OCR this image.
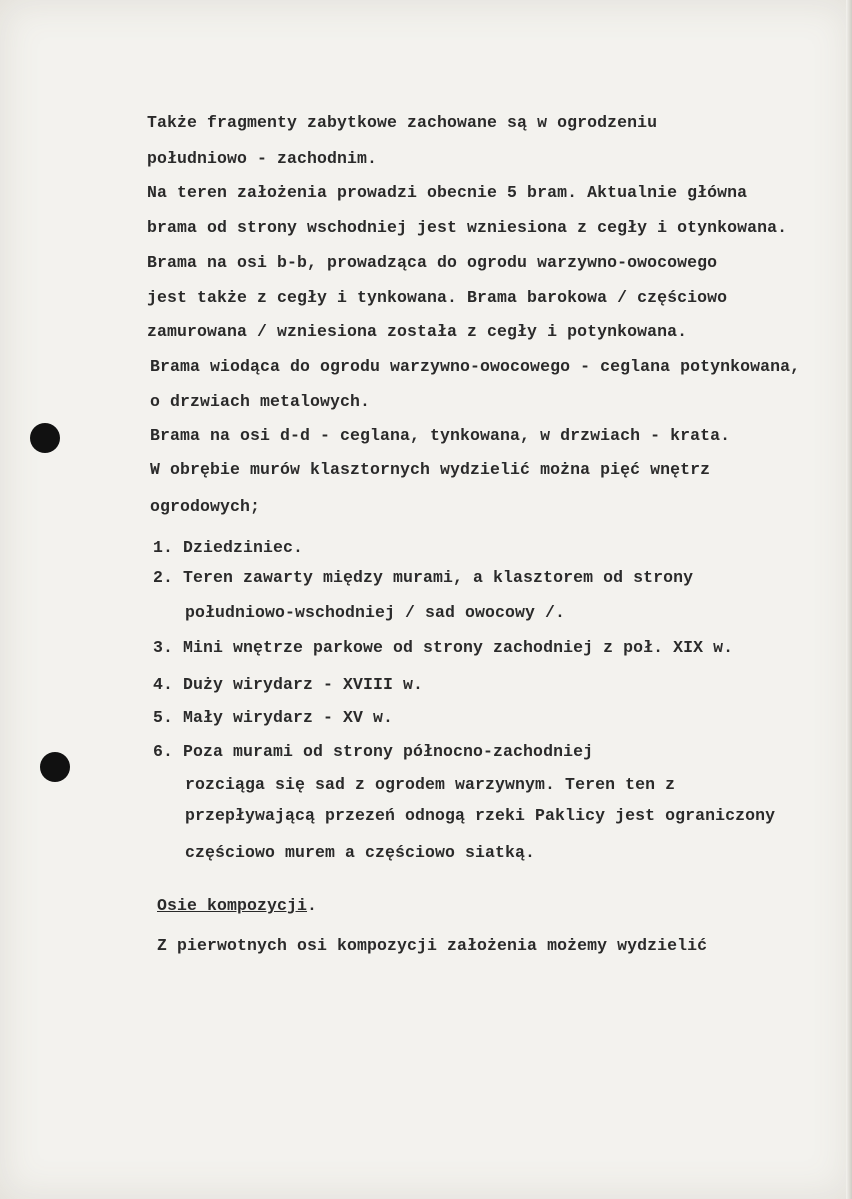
Także fragmenty zabytkowe zachowane są w ogrodzeniu
południowo - zachodnim.
Na teren założenia prowadzi obecnie 5 bram. Aktualnie główna
brama od strony wschodniej jest wzniesiona z cegły i otynkowana.
Brama na osi b-b, prowadząca do ogrodu warzywno-owocowego
jest także z cegły i tynkowana. Brama barokowa / częściowo
zamurowana / wzniesiona została z cegły i potynkowana.
Brama wiodąca do ogrodu warzywno-owocowego - ceglana potynkowana,
o drzwiach metalowych.
Brama na osi d-d - ceglana, tynkowana, w drzwiach - krata.
W obrębie murów klasztornych wydzielić można pięć wnętrz
ogrodowych;
1. Dziedziniec.
2. Teren zawarty między murami, a klasztorem od strony
południowo-wschodniej / sad owocowy /.
3. Mini wnętrze parkowe od strony zachodniej z poł. XIX w.
4. Duży wirydarz - XVIII w.
5. Mały wirydarz - XV w.
6. Poza murami od strony północno-zachodniej
rozciąga się sad z ogrodem warzywnym. Teren ten z
przepływającą przezeń odnogą rzeki Paklicy jest ograniczony
częściowo murem a częściowo siatką.
Osie kompozycji.
Z pierwotnych osi kompozycji założenia możemy wydzielić
